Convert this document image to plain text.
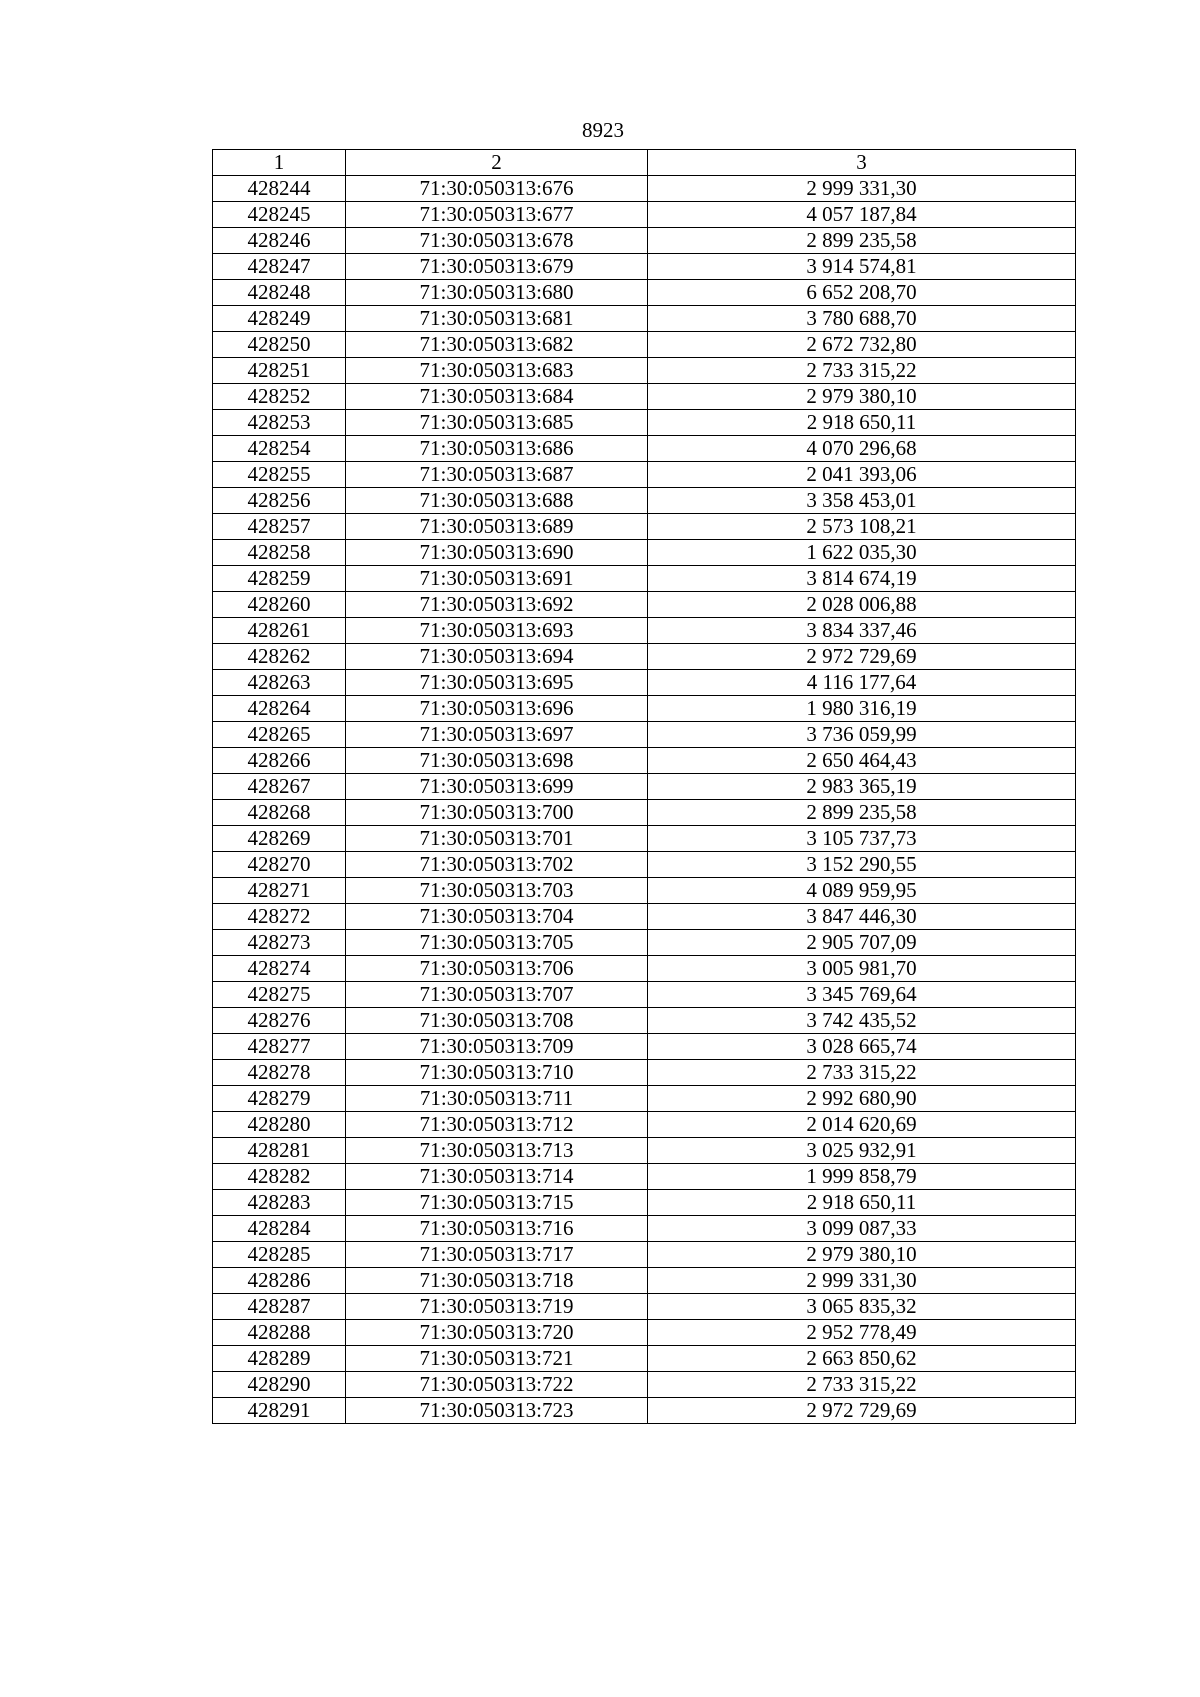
8923
1	2	3
428244	71:30:050313:676	2 999 331,30
428245	71:30:050313:677	4 057 187,84
428246	71:30:050313:678	2 899 235,58
428247	71:30:050313:679	3 914 574,81
428248	71:30:050313:680	6 652 208,70
428249	71:30:050313:681	3 780 688,70
428250	71:30:050313:682	2 672 732,80
428251	71:30:050313:683	2 733 315,22
428252	71:30:050313:684	2 979 380,10
428253	71:30:050313:685	2 918 650,11
428254	71:30:050313:686	4 070 296,68
428255	71:30:050313:687	2 041 393,06
428256	71:30:050313:688	3 358 453,01
428257	71:30:050313:689	2 573 108,21
428258	71:30:050313:690	1 622 035,30
428259	71:30:050313:691	3 814 674,19
428260	71:30:050313:692	2 028 006,88
428261	71:30:050313:693	3 834 337,46
428262	71:30:050313:694	2 972 729,69
428263	71:30:050313:695	4 116 177,64
428264	71:30:050313:696	1 980 316,19
428265	71:30:050313:697	3 736 059,99
428266	71:30:050313:698	2 650 464,43
428267	71:30:050313:699	2 983 365,19
428268	71:30:050313:700	2 899 235,58
428269	71:30:050313:701	3 105 737,73
428270	71:30:050313:702	3 152 290,55
428271	71:30:050313:703	4 089 959,95
428272	71:30:050313:704	3 847 446,30
428273	71:30:050313:705	2 905 707,09
428274	71:30:050313:706	3 005 981,70
428275	71:30:050313:707	3 345 769,64
428276	71:30:050313:708	3 742 435,52
428277	71:30:050313:709	3 028 665,74
428278	71:30:050313:710	2 733 315,22
428279	71:30:050313:711	2 992 680,90
428280	71:30:050313:712	2 014 620,69
428281	71:30:050313:713	3 025 932,91
428282	71:30:050313:714	1 999 858,79
428283	71:30:050313:715	2 918 650,11
428284	71:30:050313:716	3 099 087,33
428285	71:30:050313:717	2 979 380,10
428286	71:30:050313:718	2 999 331,30
428287	71:30:050313:719	3 065 835,32
428288	71:30:050313:720	2 952 778,49
428289	71:30:050313:721	2 663 850,62
428290	71:30:050313:722	2 733 315,22
428291	71:30:050313:723	2 972 729,69
